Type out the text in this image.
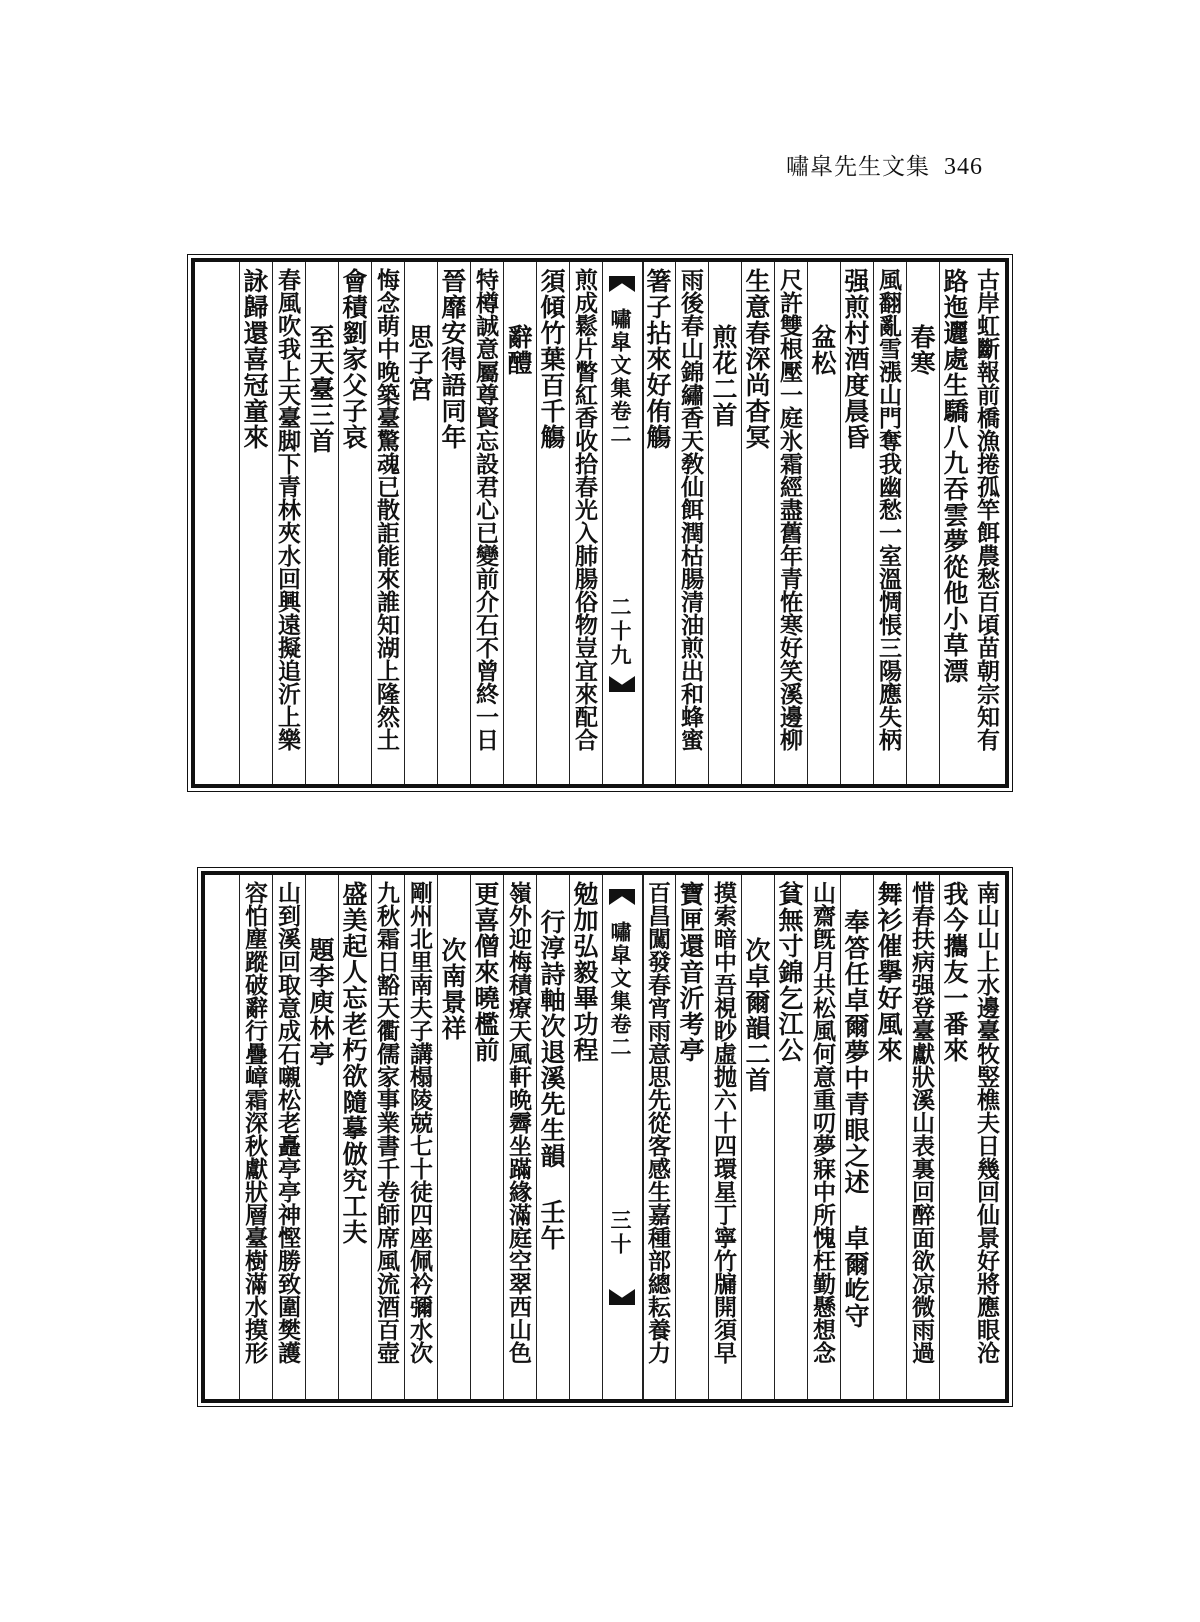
嘯皐先生文集 346
古岸虹斷報前橋漁捲孤竿餌農愁百頃苗朝宗知有
路迤邐處生驕八九吞雲夢從他小草漂
春寒
風翻亂雪漲山門奪我幽愁一室溫惆悵三陽應失柄
强煎村酒度晨昏
盆松
尺許雙根壓一庭氷霜經盡舊年青恠寒好笑溪邊柳
生意春深尚杳冥
煎花二首
雨後春山錦繡香天敎仙餌潤枯腸清油煎出和蜂蜜
箸子拈來好侑觴
嘯皐文集卷二
二十九
煎成鬆片瞥紅香收拾春光入肺腸俗物豈宜來配合
須傾竹葉百千觴
辭醴
特樽誠意屬尊賢忘設君心已變前介石不曾終一日
晉靡安得語同年
思子宮
悔念萌中晚築臺驚魂已散詎能來誰知湖上隆然土
會積劉家父子哀
至天臺三首
春風吹我上天臺脚下青林夾水回興遠擬追沂上樂
詠歸還喜冠童來
南山山上水邊臺牧竪樵夫日幾回仙景好將應眼沧
我今攜友一番來
惜春扶病强登臺獻狀溪山表裏回醉面欲凉微雨過
舞衫催擧好風來
奉答任卓爾夢中青眼之述 卓爾屹守
山齋旣月共松風何意重叨夢寐中所愧枉勤懸想念
貧無寸錦乞江公
次卓爾韻二首
摸索暗中吾視眇虛抛六十四環星丁寧竹牖開須早
寶匣還音沂考亭
百昌闖發春宵雨意思先從客感生嘉種部總耘養力
嘯皐文集卷二
三十
勉加弘毅畢功程
行淳詩軸次退溪先生韻 壬午
嶺外迎梅積療天風軒晩霽坐蹣緣滿庭空翠西山色
更喜僧來曉檻前
次南景祥
剛州北里南夫子講榻陵兢七十徒四座佩衿彌水次
九秋霜日豁天衢儒家事業書千卷師席風流酒百壺
盛美起人忘老朽欲隨摹倣究工夫
題李庾林亭
山到溪回取意成石嚫松老矗亭亭神慳勝致圍樊護
容怕塵蹤破辭行疊嶂霜深秋獻狀層臺樹滿水摸形
